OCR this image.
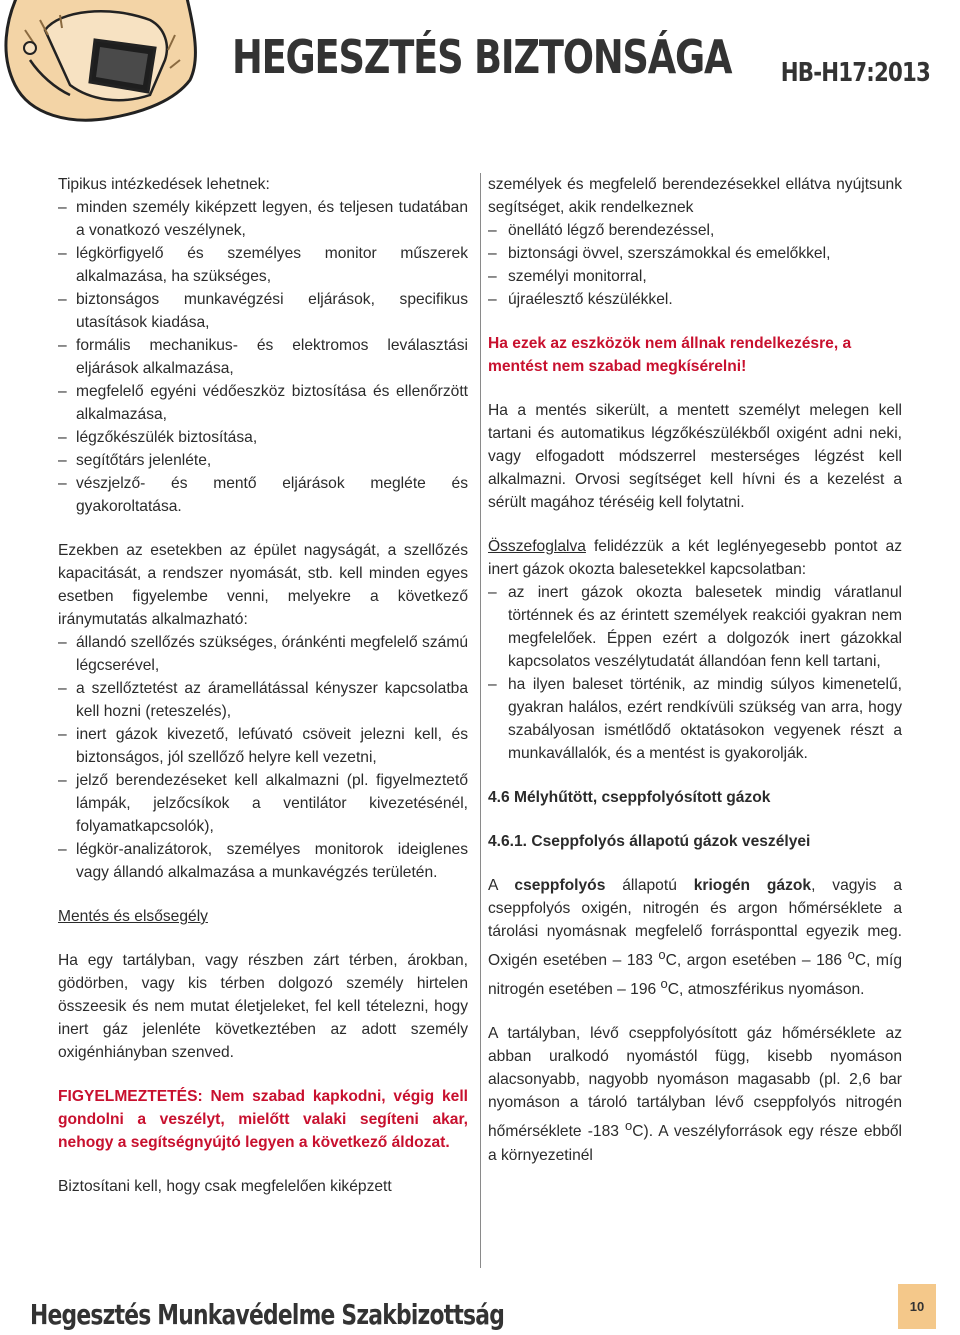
HEGESZTÉS BIZTONSÁGA HB-H17:2013

Tipikus intézkedések lehetnek:

– minden személy kiképzett legyen, és teljesen tudatában a vonatkozó veszélynek,
– légkörfigyelő és személyes monitor műszerek alkalmazása, ha szükséges,
– biztonságos munkavégzési eljárások, specifikus utasítások kiadása,
– formális mechanikus- és elektromos leválasztási eljárások alkalmazása,
– megfelelő egyéni védőeszköz biztosítása és ellenőrzött alkalmazása,
– légzőkészülék biztosítása,
– segítőtárs jelenléte,
– vészjelző- és mentő eljárások megléte és gyakoroltatása.

Ezekben az esetekben az épület nagyságát, a szellőzés kapacitását, a rendszer nyomását, stb. kell minden egyes esetben figyelembe venni, melyekre a következő iránymutatás alkalmazható:

– állandó szellőzés szükséges, óránkénti megfelelő számú légcserével,
– a szellőztetést az áramellátással kényszer kapcsolatba kell hozni (reteszelés),
– inert gázok kivezető, lefúvató csöveit jelezni kell, és biztonságos, jól szellőző helyre kell vezetni,
– jelző berendezéseket kell alkalmazni (pl. figyelmeztető lámpák, jelzőcsíkok a ventilátor kivezetésénél, folyamatkapcsolók),
– légkör-analizátorok, személyes monitorok ideiglenes vagy állandó alkalmazása a munkavégzés területén.

Mentés és elsősegély

Ha egy tartályban, vagy részben zárt térben, árokban, gödörben, vagy kis térben dolgozó személy hirtelen összeesik és nem mutat életjeleket, fel kell tételezni, hogy inert gáz jelenléte következtében az adott személy oxigénhiányban szenved.

FIGYELMEZTETÉS: Nem szabad kapkodni, végig kell gondolni a veszélyt, mielőtt valaki segíteni akar, nehogy a segítségnyújtó legyen a következő áldozat.

Biztosítani kell, hogy csak megfelelően kiképzett

személyek és megfelelő berendezésekkel ellátva nyújtsunk segítséget, akik rendelkeznek

– önellátó légző berendezéssel,
– biztonsági övvel, szerszámokkal és emelőkkel,
– személyi monitorral,
– újraélesztő készülékkel.

Ha ezek az eszközök nem állnak rendelkezésre, a mentést nem szabad megkísérelni!

Ha a mentés sikerült, a mentett személyt melegen kell tartani és automatikus légzőkészülékből oxigént adni neki, vagy elfogadott módszerrel mesterséges légzést kell alkalmazni. Orvosi segítséget kell hívni és a kezelést a sérült magához téréséig kell folytatni.

Összefoglalva felidézzük a két leglényegesebb pontot az inert gázok okozta balesetekkel kapcsolatban:

– az inert gázok okozta balesetek mindig váratlanul történnek és az érintett személyek reakciói gyakran nem megfelelőek. Éppen ezért a dolgozók inert gázokkal kapcsolatos veszélytudatát állandóan fenn kell tartani,
– ha ilyen baleset történik, az mindig súlyos kimenetelű, gyakran halálos, ezért rendkívüli szükség van arra, hogy szabályosan ismétlődő oktatásokon vegyenek részt a munkavállalók, és a mentést is gyakorolják.

4.6 Mélyhűtött, cseppfolyósított gázok

4.6.1. Cseppfolyós állapotú gázok veszélyei

A cseppfolyós állapotú kriogén gázok, vagyis a cseppfolyós oxigén, nitrogén és argon hőmérséklete a tárolási nyomásnak megfelelő forrásponttal egyezik meg. Oxigén esetében – 183 $^o$C, argon esetében – 186 $^o$C, míg nitrogén esetében – 196 $^o$C, atmoszférikus nyomáson.

A tartályban, lévő cseppfolyósított gáz hőmérséklete az abban uralkodó nyomástól függ, kisebb nyomáson alacsonyabb, nagyobb nyomáson magasabb (pl. 2,6 bar nyomáson a tároló tartályban lévő cseppfolyós nitrogén hőmérséklete -183 $^o$C). A veszélyforrások egy része ebből a környezetinél

Hegesztés Munkavédelme Szakbizottság	10
